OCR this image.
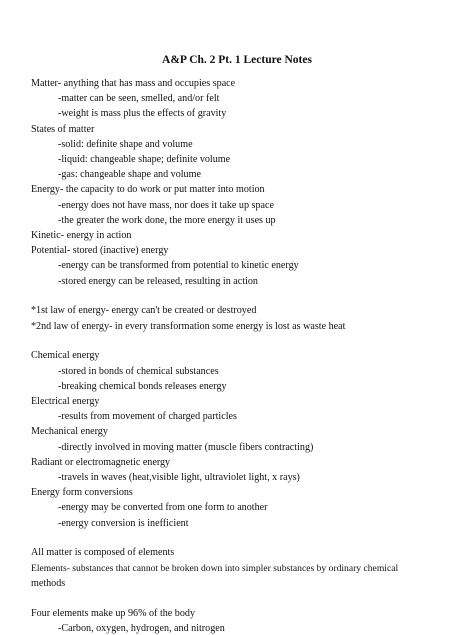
A&P Ch. 2 Pt. 1 Lecture Notes

Matter- anything that has mass and occupies space

-matter can be seen, smelled, and/or felt

-weight is mass plus the effects of gravity

States of matter

-solid: definite shape and volume

-liquid: changeable shape; definite volume

-gas: changeable shape and volume

Energy- the capacity to do work or put matter into motion

-energy does not have mass, nor does it take up space

-the greater the work done, the more energy it uses up

Kinetic- energy in action

Potential- stored (inactive) energy

-energy can be transformed from potential to kinetic energy

-stored energy can be released, resulting in action

*1st law of energy- energy can't be created or destroyed

*2nd law of energy- in every transformation some energy is lost as waste heat

Chemical energy

-stored in bonds of chemical substances

-breaking chemical bonds releases energy

Electrical energy

-results from movement of charged particles

Mechanical energy

-directly involved in moving matter (muscle fibers contracting)

Radiant or electromagnetic energy

-travels in waves (heat,visible light, ultraviolet light, x rays)

Energy form conversions

-energy may be converted from one form to another

-energy conversion is inefficient

All matter is composed of elements

Elements- substances that cannot be broken down into simpler substances by ordinary chemical

methods

Four elements make up 96% of the body

-Carbon, oxygen, hydrogen, and nitrogen
